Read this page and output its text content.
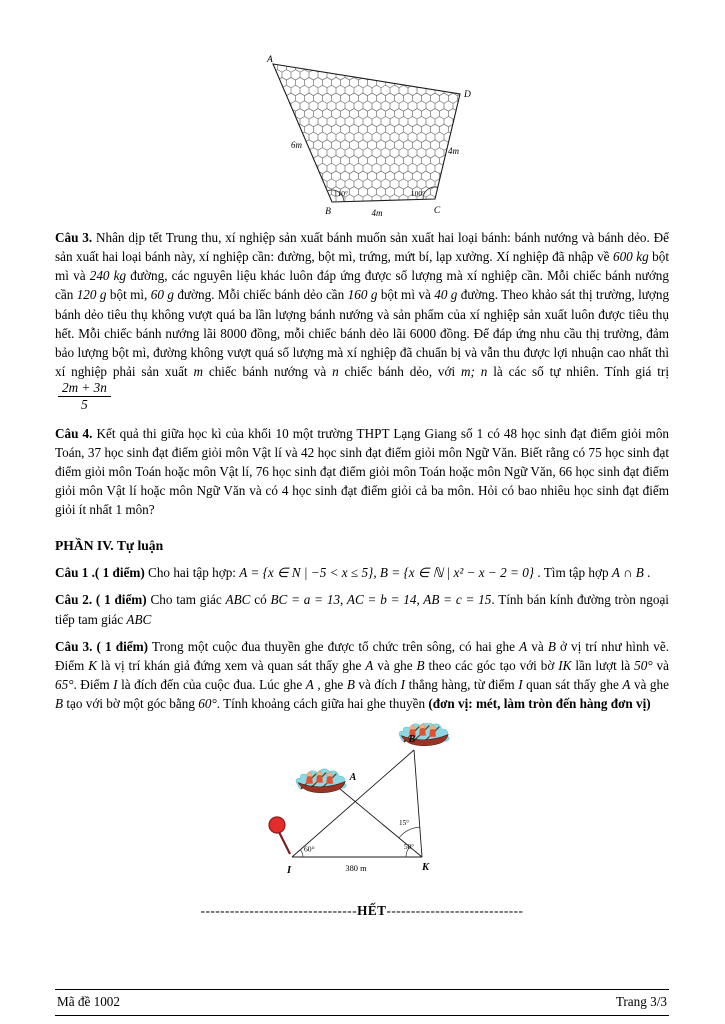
A
D
B	C
6m
4m
4m
110°	100°

Câu 3. Nhân dịp tết Trung thu, xí nghiệp sản xuất bánh muốn sản xuất hai loại bánh: bánh nướng và bánh dẻo. Để sản xuất hai loại bánh này, xí nghiệp cần: đường, bột mì, trứng, mứt bí, lạp xưởng. Xí nghiệp đã nhập về 600 kg bột mì và 240 kg đường, các nguyên liệu khác luôn đáp ứng được số lượng mà xí nghiệp cần. Mỗi chiếc bánh nướng cần 120 g bột mì, 60 g đường. Mỗi chiếc bánh dẻo cần 160 g bột mì và 40 g đường. Theo khảo sát thị trường, lượng bánh dẻo tiêu thụ không vượt quá ba lần lượng bánh nướng và sản phẩm của xí nghiệp sản xuất luôn được tiêu thụ hết. Mỗi chiếc bánh nướng lãi 8000 đồng, mỗi chiếc bánh dẻo lãi 6000 đồng. Để đáp ứng nhu cầu thị trường, đảm bảo lượng bột mì, đường không vượt quá số lượng mà xí nghiệp đã chuẩn bị và vẫn thu được lợi nhuận cao nhất thì xí nghiệp phải sản xuất m chiếc bánh nướng và n chiếc bánh dẻo, với m; n là các số tự nhiên. Tính giá trị
$\frac{2m + 3n}{5}$

Câu 4. Kết quả thi giữa học kì của khối 10 một trường THPT Lạng Giang số 1 có 48 học sinh đạt điểm giỏi môn Toán, 37 học sinh đạt điểm giỏi môn Vật lí và 42 học sinh đạt điểm giỏi môn Ngữ Văn. Biết rằng có 75 học sinh đạt điểm giỏi môn Toán hoặc môn Vật lí, 76 học sinh đạt điểm giỏi môn Toán hoặc môn Ngữ Văn, 66 học sinh đạt điểm giỏi môn Vật lí hoặc môn Ngữ Văn và có 4 học sinh đạt điểm giỏi cả ba môn. Hỏi có bao nhiêu học sinh đạt điểm giỏi ít nhất 1 môn?

PHẦN IV. Tự luận

Câu 1 .( 1 điểm) Cho hai tập hợp: A = {x ∈ N | −5 < x ≤ 5}, B = {x ∈ ℕ | x² − x − 2 = 0} . Tìm tập hợp A ∩ B .

Câu 2. ( 1 điểm) Cho tam giác ABC có BC = a = 13, AC = b = 14, AB = c = 15. Tính bán kính đường tròn ngoại tiếp tam giác ABC

Câu 3. ( 1 điểm) Trong một cuộc đua thuyền ghe được tổ chức trên sông, có hai ghe A và B ở vị trí như hình vẽ. Điểm K là vị trí khán giả đứng xem và quan sát thấy ghe A và ghe B theo các góc tạo với bờ IK lần lượt là 50° và 65°. Điểm I là đích đến của cuộc đua. Lúc ghe A , ghe B và đích I thẳng hàng, từ điểm I quan sát thấy ghe A và ghe B tạo với bờ một góc bằng 60°. Tính khoảng cách giữa hai ghe thuyền (đơn vị: mét, làm tròn đến hàng đơn vị)

B
A
I	K
60°
15°
50°
380 m

--------------------------------HẾT----------------------------

Mã đề 1002	Trang 3/3
